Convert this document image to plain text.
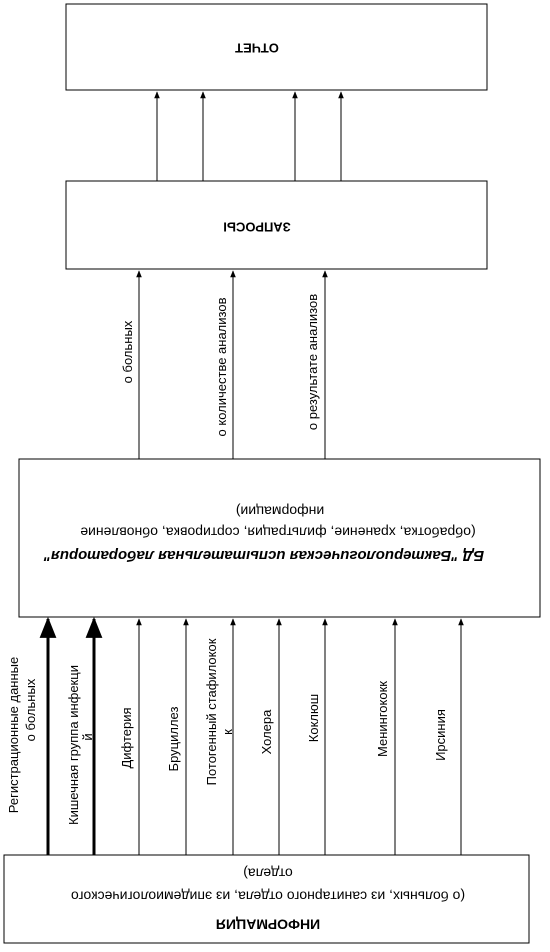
ОТЧЕТ
ЗАПРОСЫ
БД "Бактериологическая испытательная лаборатория"
(обработка, хранение, фильтрация, сортировка, обновление
информации)
ИНФОРМАЦИЯ
(о больных, из санитарного отдела, из эпидемиологического
отдела)
о больных	о количестве анализов	о результате анализов
Регистрационные данные о больных Кишечная группа инфекци й Дифтерия Бруциллез Потогенный стафилокок к Холера Коклюш	Менингококк	Ирсиния
